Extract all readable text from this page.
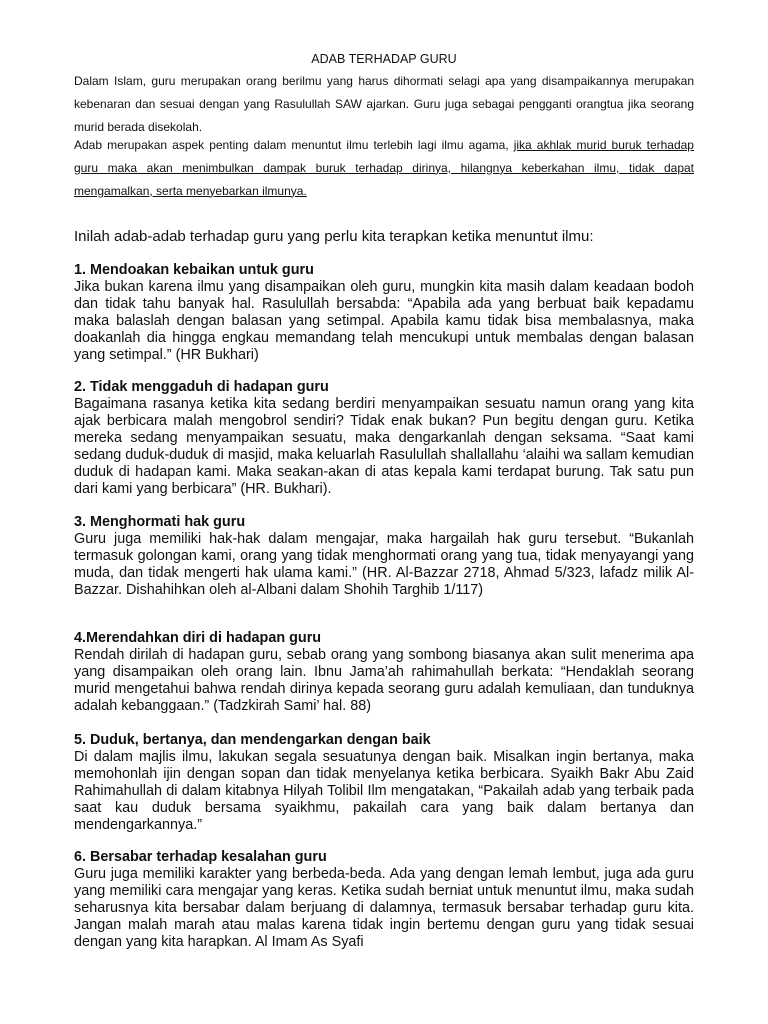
ADAB TERHADAP GURU

Dalam Islam, guru merupakan orang berilmu yang harus dihormati selagi apa yang disampaikannya merupakan kebenaran dan sesuai dengan yang Rasulullah SAW ajarkan. Guru juga sebagai pengganti orangtua jika seorang murid berada disekolah.

Adab merupakan aspek penting dalam menuntut ilmu terlebih lagi ilmu agama, jika akhlak murid buruk terhadap guru maka akan menimbulkan dampak buruk terhadap dirinya, hilangnya keberkahan ilmu, tidak dapat mengamalkan, serta menyebarkan ilmunya.

Inilah adab-adab terhadap guru yang perlu kita terapkan ketika menuntut ilmu:

1. Mendoakan kebaikan untuk guru

Jika bukan karena ilmu yang disampaikan oleh guru, mungkin kita masih dalam keadaan bodoh dan tidak tahu banyak hal. Rasulullah bersabda: “Apabila ada yang berbuat baik kepadamu maka balaslah dengan balasan yang setimpal. Apabila kamu tidak bisa membalasnya, maka doakanlah dia hingga engkau memandang telah mencukupi untuk membalas dengan balasan yang setimpal.” (HR Bukhari)

2. Tidak menggaduh di hadapan guru

Bagaimana rasanya ketika kita sedang berdiri menyampaikan sesuatu namun orang yang kita ajak berbicara malah mengobrol sendiri? Tidak enak bukan? Pun begitu dengan guru. Ketika mereka sedang menyampaikan sesuatu, maka dengarkanlah dengan seksama. “Saat kami sedang duduk-duduk di masjid, maka keluarlah Rasulullah shallallahu ‘alaihi wa sallam kemudian duduk di hadapan kami. Maka seakan-akan di atas kepala kami terdapat burung. Tak satu pun dari kami yang berbicara” (HR. Bukhari).

3. Menghormati hak guru

Guru juga memiliki hak-hak dalam mengajar, maka hargailah hak guru tersebut. “Bukanlah termasuk golongan kami, orang yang tidak menghormati orang yang tua, tidak menyayangi yang muda, dan tidak mengerti hak ulama kami.” (HR. Al-Bazzar 2718, Ahmad 5/323, lafadz milik Al-Bazzar. Dishahihkan oleh al-Albani dalam Shohih Targhib 1/117)

4.Merendahkan diri di hadapan guru

Rendah dirilah di hadapan guru, sebab orang yang sombong biasanya akan sulit menerima apa yang disampaikan oleh orang lain. Ibnu Jama’ah rahimahullah berkata: “Hendaklah seorang murid mengetahui bahwa rendah dirinya kepada seorang guru adalah kemuliaan, dan tunduknya adalah kebanggaan.” (Tadzkirah Sami’ hal. 88)

5. Duduk, bertanya, dan mendengarkan dengan baik

Di dalam majlis ilmu, lakukan segala sesuatunya dengan baik. Misalkan ingin bertanya, maka memohonlah ijin dengan sopan dan tidak menyelanya ketika berbicara. Syaikh Bakr Abu Zaid Rahimahullah di dalam kitabnya Hilyah Tolibil Ilm mengatakan, “Pakailah adab yang terbaik pada saat kau duduk bersama syaikhmu, pakailah cara yang baik dalam bertanya dan mendengarkannya.”

6. Bersabar terhadap kesalahan guru

Guru juga memiliki karakter yang berbeda-beda. Ada yang dengan lemah lembut, juga ada guru yang memiliki cara mengajar yang keras. Ketika sudah berniat untuk menuntut ilmu, maka sudah seharusnya kita bersabar dalam berjuang di dalamnya, termasuk bersabar terhadap guru kita. Jangan malah marah atau malas karena tidak ingin bertemu dengan guru yang tidak sesuai dengan yang kita harapkan. Al Imam As Syafi
